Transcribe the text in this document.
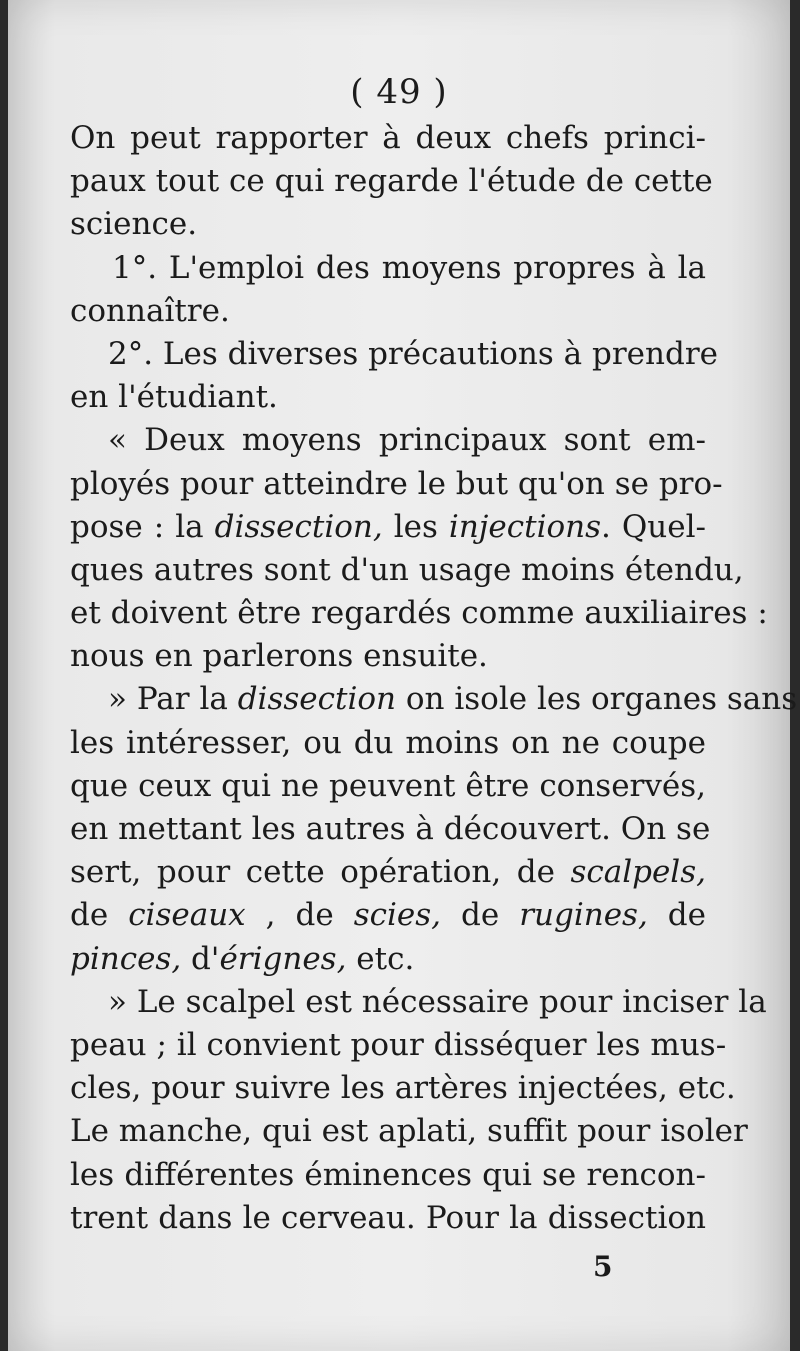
( 49 )
On peut rapporter à deux chefs princi-
paux tout ce qui regarde l'étude de cette
science.
1°. L'emploi des moyens propres à la
connaître.
2°. Les diverses précautions à prendre
en l'étudiant.
« Deux moyens principaux sont em-
ployés pour atteindre le but qu'on se pro-
pose : la dissection, les injections. Quel-
ques autres sont d'un usage moins étendu,
et doivent être regardés comme auxiliaires :
nous en parlerons ensuite.
» Par la dissection on isole les organes sans
les intéresser, ou du moins on ne coupe
que ceux qui ne peuvent être conservés,
en mettant les autres à découvert. On se
sert, pour cette opération, de scalpels,
de ciseaux , de scies, de rugines, de
pinces, d'érignes, etc.
» Le scalpel est nécessaire pour inciser la
peau ; il convient pour disséquer les mus-
cles, pour suivre les artères injectées, etc.
Le manche, qui est aplati, suffit pour isoler
les différentes éminences qui se rencon-
trent dans le cerveau. Pour la dissection
5
